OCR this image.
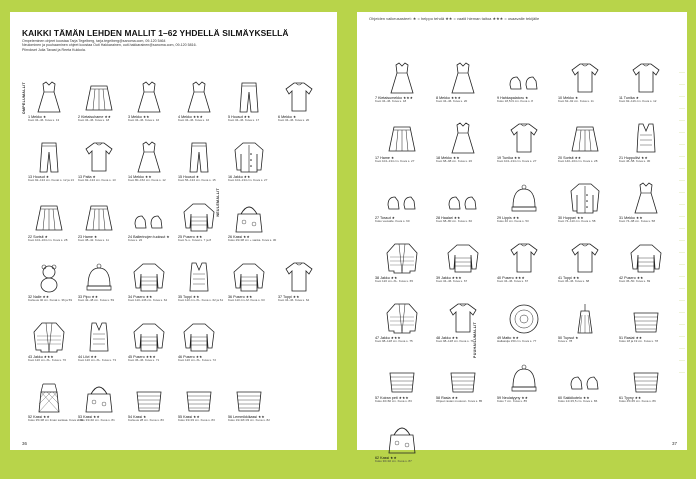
KAIKKI TÄMÄN LEHDEN MALLIT 1–62 YHDELLÄ SILMÄYKSELLÄ
Ompeleminen ohjeet koostaa Tarja Tegelberg, tarja.tegelberg@sanoma.com, 09-120 5464
Neulominen ja puuhaaminen ohjeet koostaa Outi Hakkarainen, outi.hakkarainen@sanoma.com, 09-120 5816.
Piirrokset Julia Tavast ja Reeta Kukkola.
OMPELUMALLIT
NEULEMALLIT
1 Mekko ★
Koot 34–46. Kuva s. 13
2 Kietaisuhame ★★
Koot 34–46. Kuva s. 18
3 Mekko ★★
Koot 34–46. Kuva s. 16
4 Mekko ★★★
Koot 34–46. Kuva s. 16
5 Housut ★★
Koot 34–46. Kuva s. 17
6 Mekko ★
Koot 34–46. Kuva s. 20
13 Housut ★
Koot 92–134 cm. Kuvat s. 12 ja 13
13 Paita ★
Koot 92–134 cm. Kuva s. 13
14 Mekko ★★
Koot 80–152 cm. Kuva s. 12
15 Housut ★
Koot 56–134 cm. Kuva s. 15
16 Jakku ★★
Koot 104–134 cm. Kuva s. 27
22 Sortsit ★
Koot 104–164 cm. Kuva s. 28
23 Hame ★
Koot 38–42. Kuva s. 11
24 Ballerinojen tuoksut ★
Kuva s. 22
25 Pusero ★★
Koot S–L. Kuvat s. 7 ja 8
26 Kassi ★★
Koko 29×38 cm + sanka. Kuva s. 30
32 Nalle ★★
Korkeus 40 cm. Kuvat s. 36 ja 59
33 Pipo ★★
Koot 42–48 cm. Kuva s. 59
34 Pusero ★★
Koot 110–146 cm. Kuva s. 62
35 Toppi ★★
Koot 110 cm–XL. Kuva s. 62 ja 61
36 Pusero ★★
Koot 110 cm–M. Kuva s. 63
37 Toppi ★★
Koot 34–46. Kuva s. 64
43 Jakku ★★★
Koot 120 cm–XL. Kuva s. 76
44 Liivi ★★
Koot 120 cm–XL. Kuva s. 73
45 Pusero ★★★
Koot 36–46. Kuva s. 71
46 Pusero ★★
Koot 120 cm–XL. Kuva s. 72
52 Kassi ★★
Koko 35×38 cm ilman sankaa. Kuva s. 80
53 Kassi ★★
Koko 33×40 cm. Kuva s. 81
54 Kassi ★
Korkeus 28 cm. Kuva s. 83
55 Kassi ★★
Koko 33×33 cm. Kuva s. 83
56 Lemmikkikassi ★★
Koko 19×18×33 cm. Kuva s. 82
36
Ohjeiden vaikeusasteet: ★ = helppo tehdä ★★ = vaatii hieman taitoa ★★★ = osaavalle tekijälle
PUUHAILUMALLIT
7 Kietaisumekko ★★★
Koot 34–46. Kuva s. 18
8 Mekko ★★★
Koot 34–46. Kuva s. 20
9 Hahkapalatoru ★
Koko 18,5×9 cm. Kuva s. 8
10 Mekko ★
Koot 62–92 cm. Kuva s. 11
11 Tunika ★
Koot 92–116 cm. Kuva s. 12
17 Hame ★
Koot 104–134 cm. Kuva s. 27
18 Mekko ★★
Koot 68–98 cm. Kuva s. 26
19 Tunika ★★
Koot 104–134 cm. Kuva s. 27
20 Sortsit ★★
Koot 140–164 cm. Kuva s. 28
21 Huppuliivi ★★
Koot 46–58. Kuva s. 30
27 Tossut ★
Koko vauvalle. Kuva s. 60
28 Haalari ★★
Koot 68–80 cm. Kuva s. 60
29 Lippis ★★
Koko 40 cm. Kuva s. 53
30 Huppari ★★
Koot 74–110 cm. Kuva s. 58
31 Mekko ★★
Koot 74–98 cm. Kuva s. 58
38 Jakku ★★
Koot 120 cm–XL. Kuva s. 65
39 Jakku ★★★
Koot 34–46. Kuva s. 67
40 Pusero ★★★
Koot 34–46. Kuva s. 67
41 Toppi ★★
Koot 36–46. Kuva s. 68
42 Pusero ★★
Koot 36–50. Kuva s. 69
47 Jakku ★★★
Koot 98–128 cm. Kuva s. 75
48 Jakku ★★
Koot 98–128 cm. Kuva s. 76
49 Matto ★★
Halkaisija 150 cm. Kuva s. 77
50 Tupsut ★
Kuva s. 78
51 Rasiat ★★
Koko 18 ja 19 cm. Kuva s. 78
57 Koiran peti ★★★
Koko 40×60 cm. Kuva s. 83
58 Rasia ★★
Ohjeet rasian muotoon. Kuva s. 85
59 Neulatyyny ★★
Koko 7 cm. Kuva s. 85
60 Sakkikotelo ★★
Koko 14×15,5 cm. Kuva s. 86
61 Tyyny ★★
Koko 45×45 cm. Kuva s. 86
62 Kassi ★★
Koko 30×32 cm. Kuva s. 87
37
